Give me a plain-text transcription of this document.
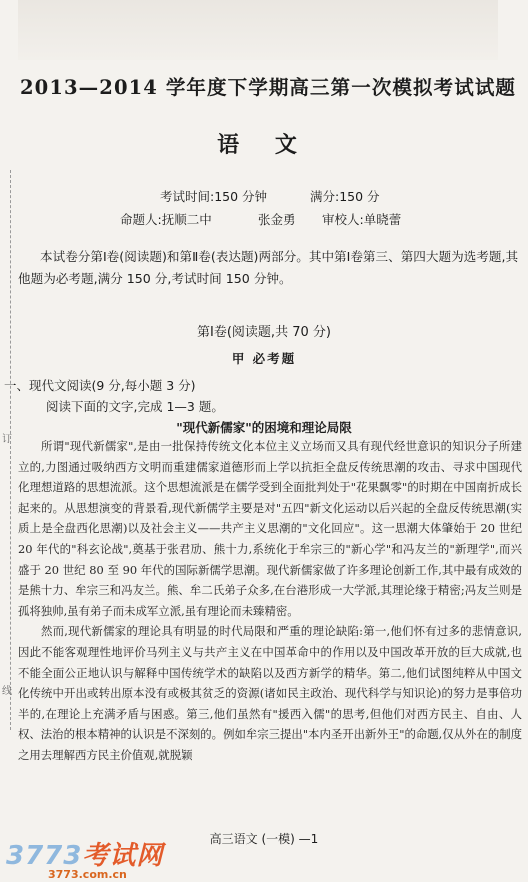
订
线
2013—2014 学年度下学期高三第一次模拟考试试题
语 文
考试时间:150 分钟	满分:150 分
命题人:抚顺二中	张金勇 审校人:单晓蕾
本试卷分第Ⅰ卷(阅读题)和第Ⅱ卷(表达题)两部分。其中第Ⅰ卷第三、第四大题为选考题,其他题为必考题,满分 150 分,考试时间 150 分钟。
第Ⅰ卷(阅读题,共 70 分)
甲 必考题
一、现代文阅读(9 分,每小题 3 分)
阅读下面的文字,完成 1—3 题。
"现代新儒家"的困境和理论局限

所谓"现代新儒家",是由一批保持传统文化本位主义立场而又具有现代经世意识的知识分子所建立的,力图通过吸纳西方文明而重建儒家道德形而上学以抗拒全盘反传统思潮的攻击、寻求中国现代化理想道路的思想流派。这个思想流派是在儒学受到全面批判处于"花果飘零"的时期在中国南折成长起来的。从思想演变的背景看,现代新儒学主要是对"五四"新文化运动以后兴起的全盘反传统思潮(实质上是全盘西化思潮)以及社会主义——共产主义思潮的"文化回应"。这一思潮大体肇始于 20 世纪 20 年代的"科玄论战",奠基于张君劢、熊十力,系统化于牟宗三的"新心学"和冯友兰的"新理学",而兴盛于 20 世纪 80 至 90 年代的国际新儒学思潮。现代新儒家做了许多理论创新工作,其中最有成效的是熊十力、牟宗三和冯友兰。熊、牟二氏弟子众多,在台港形成一大学派,其理论缘于精密;冯友兰则是孤将独帅,虽有弟子而未成军立派,虽有理论而未臻精密。

然而,现代新儒家的理论具有明显的时代局限和严重的理论缺陷:第一,他们怀有过多的悲情意识,因此不能客观理性地评价马列主义与共产主义在中国革命中的作用以及中国改革开放的巨大成就,也不能全面公正地认识与解释中国传统学术的缺陷以及西方新学的精华。第二,他们试图纯粹从中国文化传统中开出或转出原本没有或极其贫乏的资源(诸如民主政治、现代科学与知识论)的努力是事倍功半的,在理论上充满矛盾与困惑。第三,他们虽然有"援西入儒"的思考,但他们对西方民主、自由、人权、法治的根本精神的认识是不深刻的。例如牟宗三提出"本内圣开出新外王"的命题,仅从外在的制度之用去理解西方民主价值观,就脱颖

高三语文 (一模) —1
3773考试网
3773.com.cn
